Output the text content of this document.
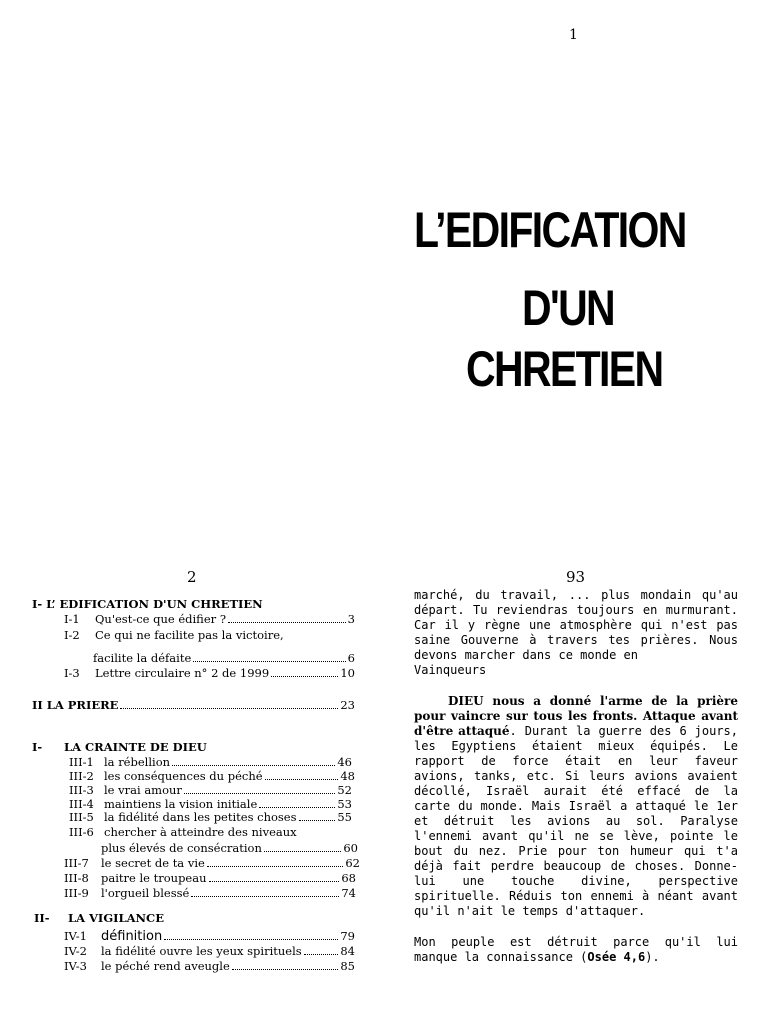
1
L’EDIFICATION
D'UN
CHRETIEN
2
I- L’ EDIFICATION D'UN CHRETIEN
I-1	Qu'est-ce que édifier ?	3
I-2 Ce qui ne facilite pas la victoire,
facilite la défaite	6
I-3	Lettre circulaire n° 2 de 1999	10
II LA PRIERE	23
I- LA CRAINTE DE DIEU
III-1 la rébellion	46
III-2 les conséquences du péché	48
III-3 le vrai amour	52
III-4 maintiens la vision initiale	53
III-5 la fidélité dans les petites choses	55
III-6 chercher à atteindre des niveaux
plus élevés de consécration	60
III-7	le secret de ta vie	62
III-8	paitre le troupeau	68
III-9	l'orgueil blessé	74
II- LA VIGILANCE
IV-1	définition	79
IV-2	la fidélité ouvre les yeux spirituels	84
IV-3	le péché rend aveugle	85
93

marché, du travail, ... plus mondain qu'au départ. Tu reviendras toujours en murmurant. Car il y règne une atmosphère qui n'est pas saine Gouverne à travers tes prières. Nous devons marcher dans ce monde en

Vainqueurs

DIEU nous a donné l'arme de la prière pour vaincre sur tous les fronts. Attaque avant d'être attaqué. Durant la guerre des 6 jours, les Egyptiens étaient mieux équipés. Le rapport de force était en leur faveur avions, tanks, etc. Si leurs avions avaient décollé, Israël aurait été effacé de la carte du monde. Mais Israël a attaqué le 1er et détruit les avions au sol. Paralyse l'ennemi avant qu'il ne se lève, pointe le bout du nez. Prie pour ton humeur qui t'a déjà fait perdre beaucoup de choses. Donne-lui une touche divine, perspective spirituelle. Réduis ton ennemi à néant avant qu'il n'ait le temps d'attaquer.

Mon peuple est détruit parce qu'il lui manque la connaissance (Osée 4,6).
